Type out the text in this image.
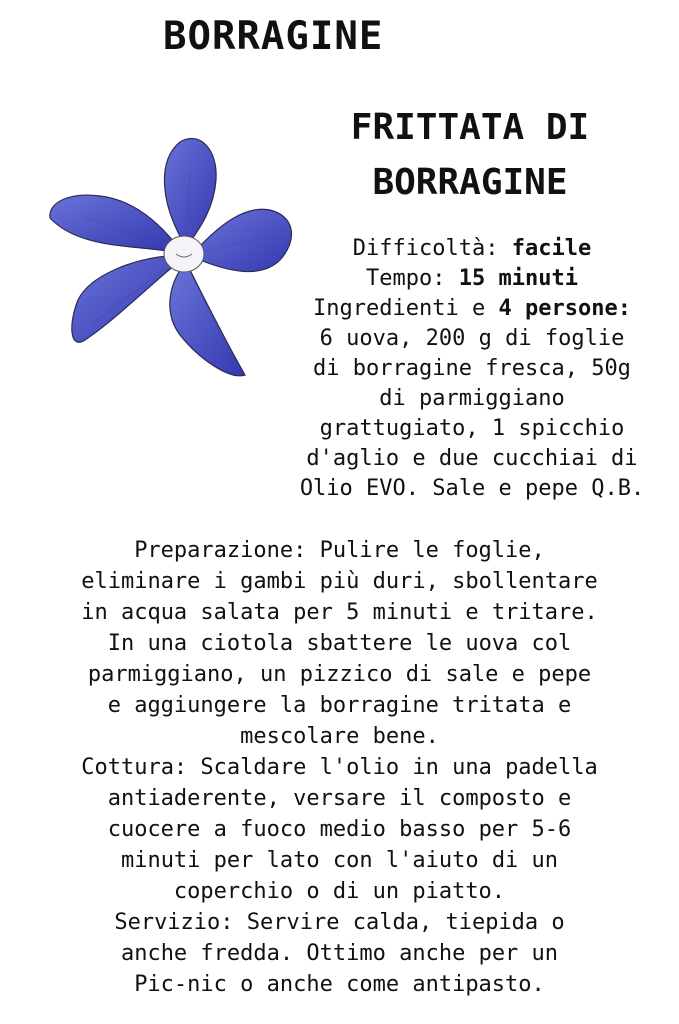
BORRAGINE
FRITTATA DI
BORRAGINE
Difficoltà: facile
Tempo: 15 minuti
Ingredienti e 4 persone:
6 uova, 200 g di foglie
di borragine fresca, 50g
di parmiggiano
grattugiato, 1 spicchio
d'aglio e due cucchiai di
Olio EVO. Sale e pepe Q.B.

Preparazione: Pulire le foglie,

eliminare i gambi più duri, sbollentare

in acqua salata per 5 minuti e tritare.

In una ciotola sbattere le uova col

parmiggiano, un pizzico di sale e pepe

e aggiungere la borragine tritata e

mescolare bene.

Cottura: Scaldare l'olio in una padella

antiaderente, versare il composto e

cuocere a fuoco medio basso per 5-6

minuti per lato con l'aiuto di un

coperchio o di un piatto.

Servizio: Servire calda, tiepida o

anche fredda. Ottimo anche per un

Pic-nic o anche come antipasto.
